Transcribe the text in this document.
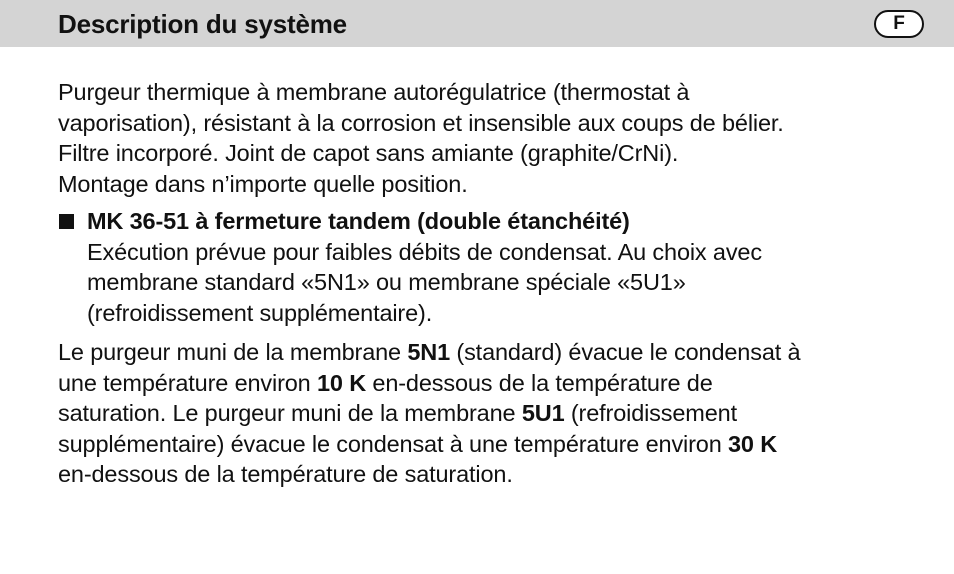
Description du système	F

Purgeur thermique à membrane autorégulatrice (thermostat à
vaporisation), résistant à la corrosion et insensible aux coups de bélier.
Filtre incorporé. Joint de capot sans amiante (graphite/CrNi).
Montage dans n’importe quelle position.

MK 36-51 à fermeture tandem (double étanchéité)
Exécution prévue pour faibles débits de condensat. Au choix avec
membrane standard «5N1» ou membrane spéciale «5U1»
(refroidissement supplémentaire).

Le purgeur muni de la membrane 5N1 (standard) évacue le condensat à
une température environ 10 K en-dessous de la température de
saturation. Le purgeur muni de la membrane 5U1 (refroidissement
supplémentaire) évacue le condensat à une température environ 30 K
en-dessous de la température de saturation.
